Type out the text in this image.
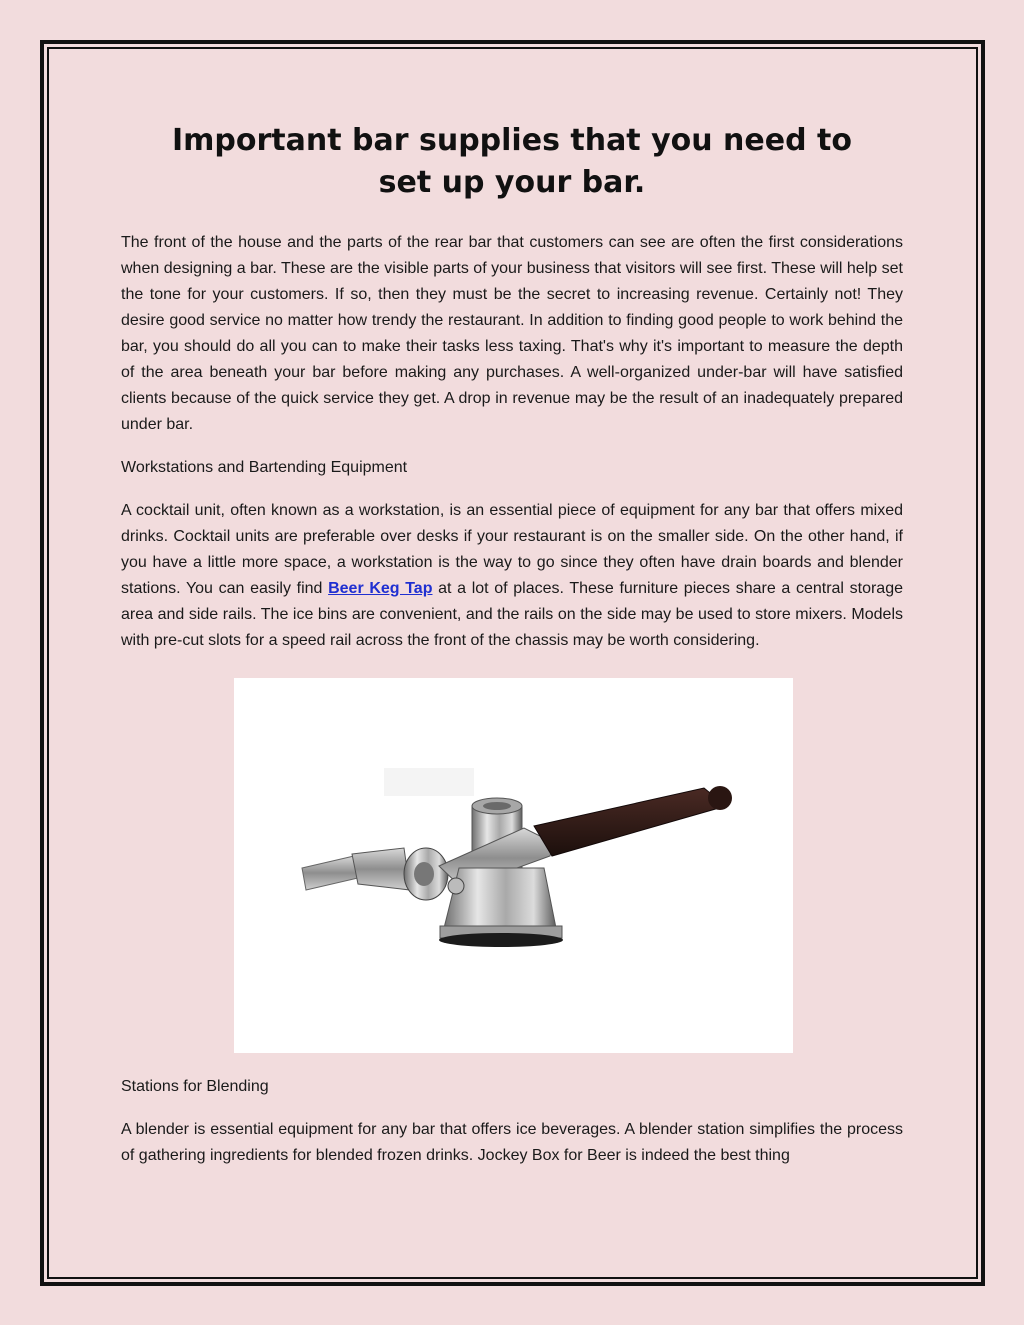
Important bar supplies that you need to set up your bar.

The front of the house and the parts of the rear bar that customers can see are often the first considerations when designing a bar. These are the visible parts of your business that visitors will see first. These will help set the tone for your customers. If so, then they must be the secret to increasing revenue. Certainly not! They desire good service no matter how trendy the restaurant. In addition to finding good people to work behind the bar, you should do all you can to make their tasks less taxing. That's why it's important to measure the depth of the area beneath your bar before making any purchases. A well-organized under-bar will have satisfied clients because of the quick service they get. A drop in revenue may be the result of an inadequately prepared under bar.

Workstations and Bartending Equipment

A cocktail unit, often known as a workstation, is an essential piece of equipment for any bar that offers mixed drinks. Cocktail units are preferable over desks if your restaurant is on the smaller side. On the other hand, if you have a little more space, a workstation is the way to go since they often have drain boards and blender stations. You can easily find Beer Keg Tap at a lot of places. These furniture pieces share a central storage area and side rails. The ice bins are convenient, and the rails on the side may be used to store mixers. Models with pre-cut slots for a speed rail across the front of the chassis may be worth considering.

Stations for Blending

A blender is essential equipment for any bar that offers ice beverages. A blender station simplifies the process of gathering ingredients for blended frozen drinks. Jockey Box for Beer is indeed the best thing
